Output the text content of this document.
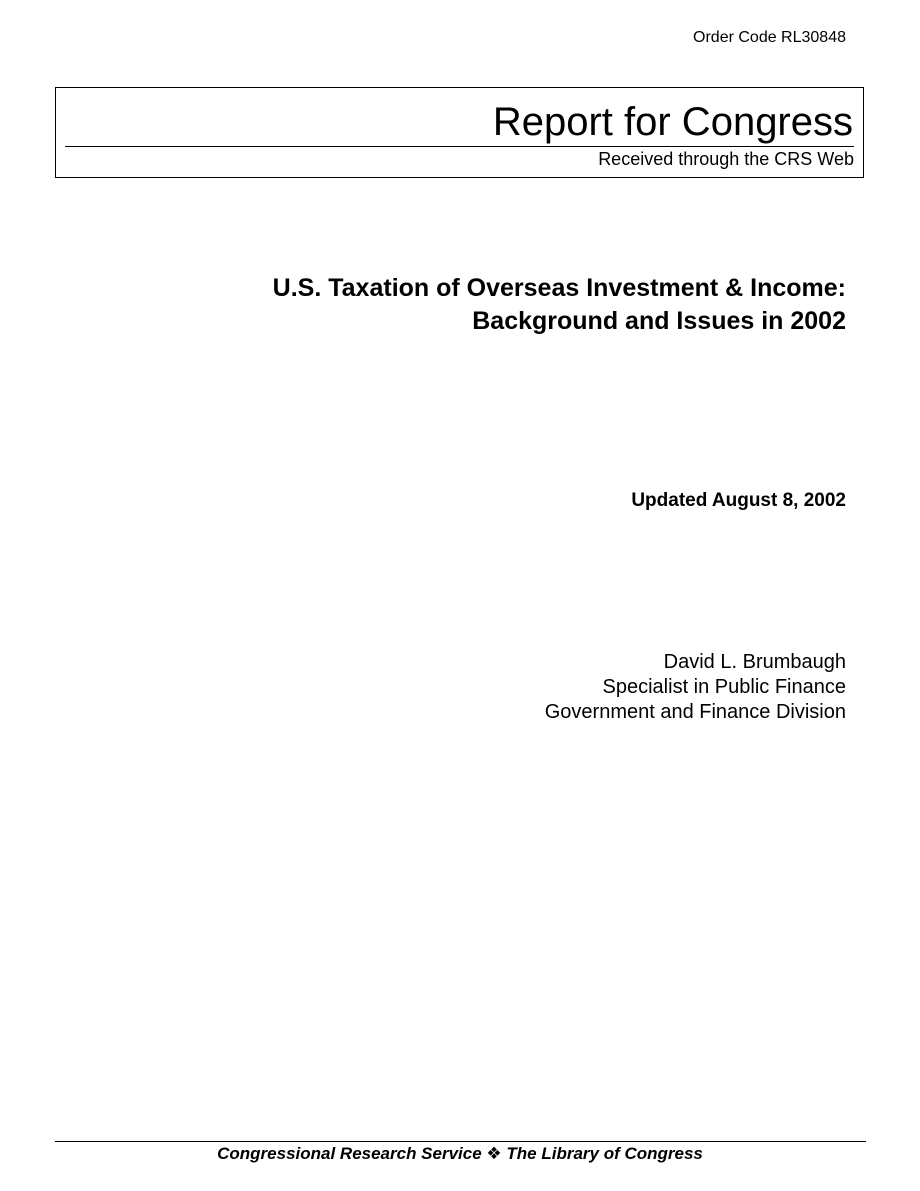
Order Code RL30848
Report for Congress
Received through the CRS Web
U.S. Taxation of Overseas Investment & Income:
Background and Issues in 2002
Updated August 8, 2002
David L. Brumbaugh
Specialist in Public Finance
Government and Finance Division
Congressional Research Service ❖ The Library of Congress
